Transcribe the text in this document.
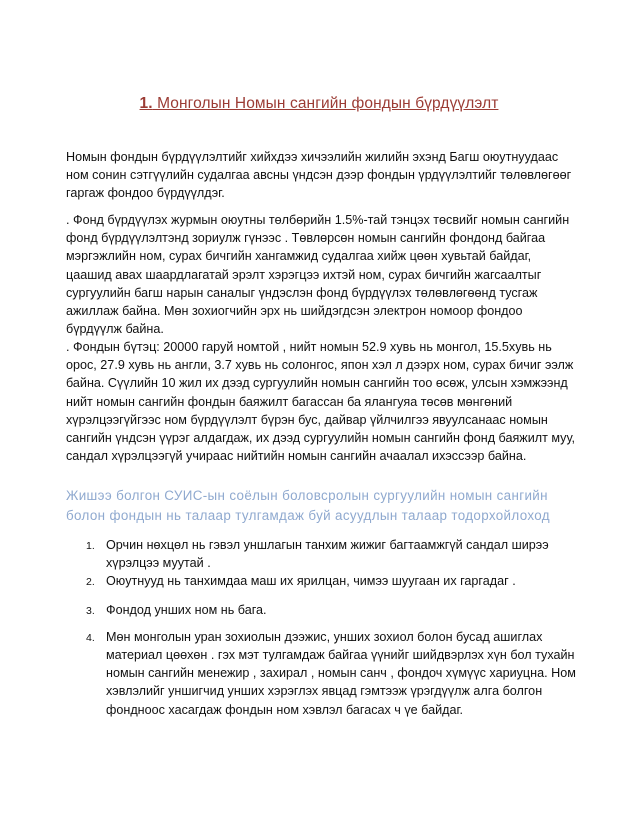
1. Монголын Номын сангийн фондын бүрдүүлэлт

Номын фондын бүрдүүлэлтийг хийхдээ хичээлийн жилийн эхэнд Багш оюутнуудаас ном сонин сэтгүүлийн судалгаа авсны үндсэн дээр фондын үрдүүлэлтийг төлөвлөгөөг гаргаж фондоо бүрдүүлдэг.

. Фонд бүрдүүлэх журмын оюутны төлбөрийн 1.5%-тай тэнцэх төсвийг номын сангийн фонд бүрдүүлэлтэнд зориулж гүнээс . Төвлөрсөн номын сангийн фондонд байгаа мэргэжлийн ном, сурах бичгийн хангамжид судалгаа хийж цөөн хувьтай байдаг, цаашид авах шаардлагатай эрэлт хэрэгцээ ихтэй ном, сурах бичгийн жагсаалтыг сургуулийн багш нарын саналыг үндэслэн фонд бүрдүүлэх төлөвлөгөөнд тусгаж ажиллаж байна. Мөн зохиогчийн эрх нь шийдэгдсэн электрон номоор фондоо бүрдүүлж байна.

. Фондын бүтэц: 20000 гаруй номтой , нийт номын 52.9 хувь нь монгол, 15.5хувь нь орос, 27.9 хувь нь англи, 3.7 хувь нь солонгос, япон хэл л дээрх ном, сурах бичиг ээлж байна. Сүүлийн 10 жил их дээд сургуулийн номын сангийн тоо өсөж, улсын хэмжээнд нийт номын сангийн фондын баяжилт багассан ба ялангуяа төсөв мөнгөний хүрэлцээгүйгээс ном бүрдүүлэлт бүрэн бус, дайвар үйлчилгээ явуулсанаас номын сангийн үндсэн үүрэг алдагдаж, их дээд сургуулийн номын сангийн фонд баяжилт муу, сандал хүрэлцээгүй учираас нийтийн номын сангийн ачаалал ихэссээр байна.

Жишээ болгон СУИС-ын соёлын боловсролын сургуулийн номын сангийн болон фондын нь талаар тулгамдаж буй асуудлын талаар тодорхойлоход

1. Орчин нөхцөл нь гэвэл уншлагын танхим жижиг багтаамжгүй сандал ширээ хүрэлцээ муутай .
2. Оюутнууд нь танхимдаа маш их ярилцан, чимээ шуугаан их гаргадаг .
3. Фондод унших ном нь бага.
4. Мөн монголын уран зохиолын дээжис, унших зохиол болон бусад ашиглах материал цөөхөн . гэх мэт тулгамдаж байгаа үүнийг шийдвэрлэх хүн бол тухайн номын сангийн менежир , захирал , номын санч , фондоч хүмүүс хариуцна. Ном хэвлэлийг уншигчид унших хэрэглэх явцад гэмтээж үрэгдүүлж алга болгон фонднoос хасагдаж фондын ном хэвлэл багасах ч үе байдаг.
